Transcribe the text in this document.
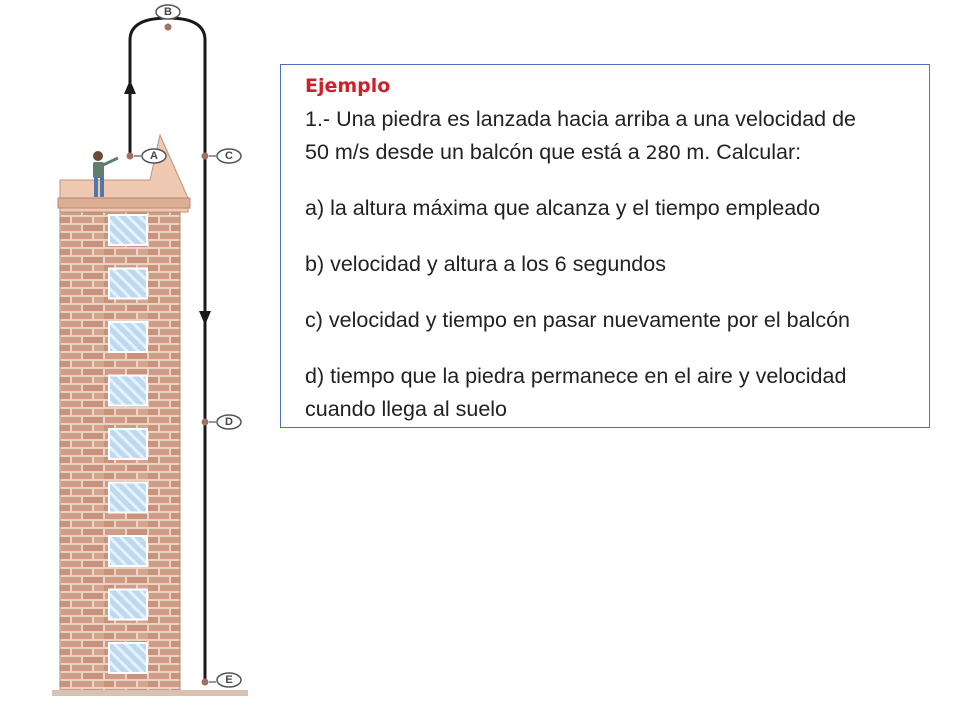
A
B
C
D
E
Ejemplo
1.- Una piedra es lanzada hacia arriba a una velocidad de
50 m/s desde un balcón que está a 280 m. Calcular:
a) la altura máxima que alcanza y el tiempo empleado
b) velocidad y altura a los 6 segundos
c) velocidad y tiempo en pasar nuevamente por el balcón
d) tiempo que la piedra permanece en el aire y velocidad
cuando llega al suelo
